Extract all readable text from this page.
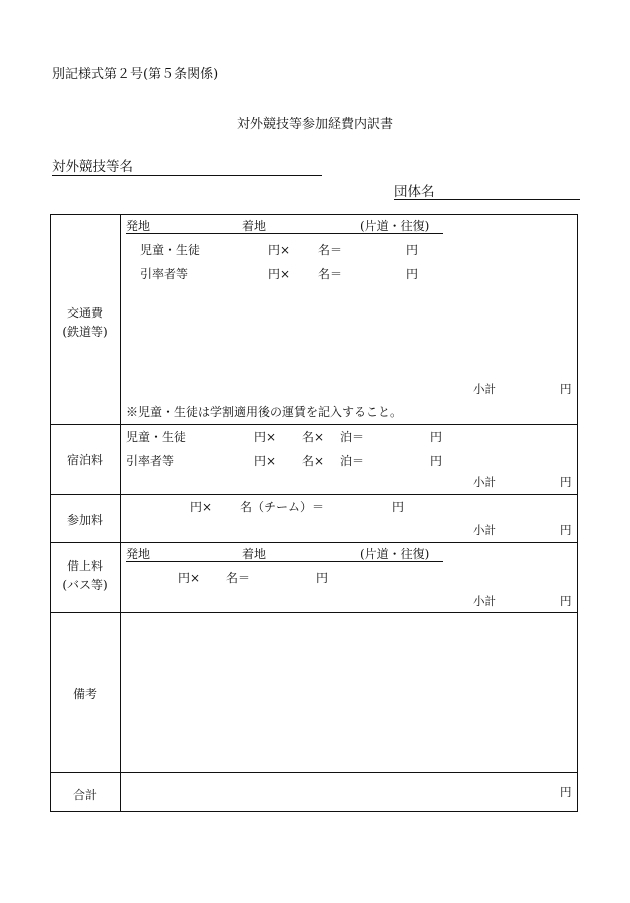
別記様式第２号(第５条関係)
対外競技等参加経費内訳書
対外競技等名
団体名
交通費
(鉄道等)
発地	着地	(片道・往復)
児童・生徒	円× 名＝	円
引率者等	円× 名＝	円
小計	円
※児童・生徒は学割適用後の運賃を記入すること。
宿泊料
児童・生徒	円× 名× 泊＝	円
引率者等	円× 名× 泊＝	円
小計	円
参加料
円× 名（チーム）＝	円
小計	円
借上料
(バス等)
発地	着地	(片道・往復)
円× 名＝	円
小計	円
備考
合計	円
